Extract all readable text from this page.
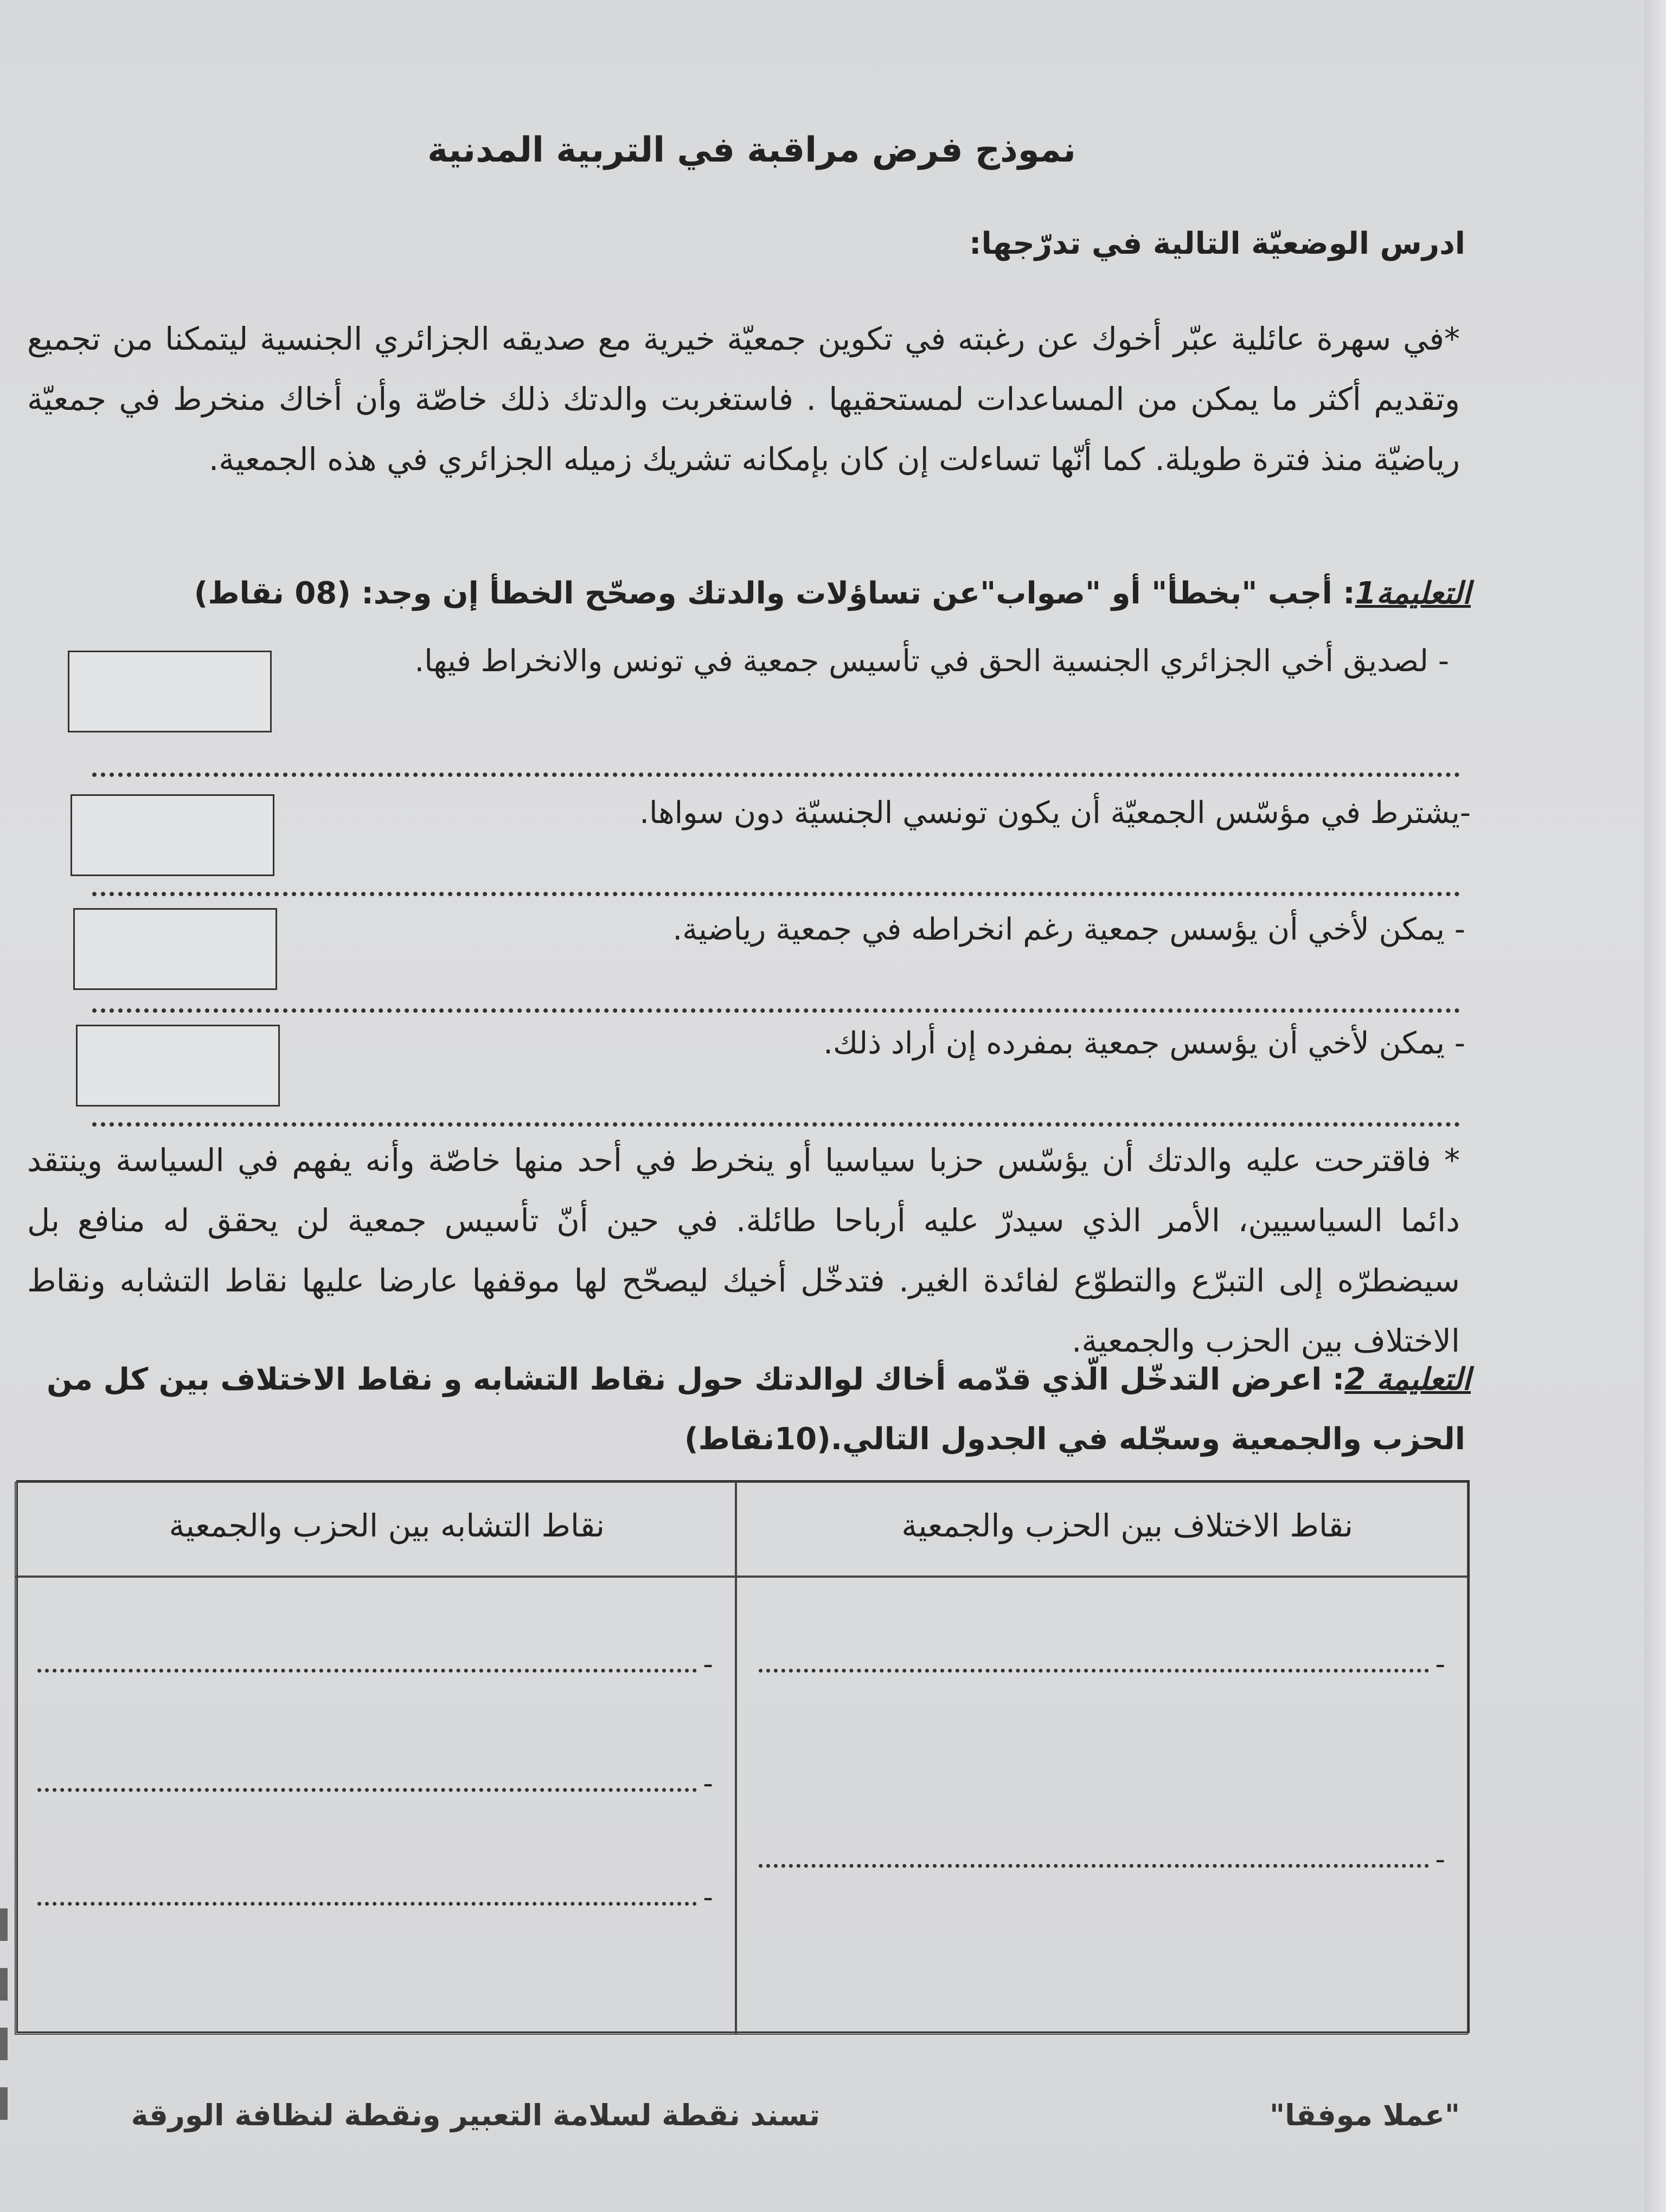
نموذج فرض مراقبة في التربية المدنية
ادرس الوضعيّة التالية في تدرّجها:
*في سهرة عائلية عبّر أخوك عن رغبته في تكوين جمعيّة خيرية مع صديقه الجزائري الجنسية ليتمكنا من تجميع وتقديم أكثر ما يمكن من المساعدات لمستحقيها . فاستغربت والدتك ذلك خاصّة وأن أخاك منخرط في جمعيّة رياضيّة منذ فترة طويلة. كما أنّها تساءلت إن كان بإمكانه تشريك زميله الجزائري في هذه الجمعية.
التعليمة1: أجب "بخطأ" أو "صواب"عن تساؤلات والدتك وصحّح الخطأ إن وجد: (08 نقاط)
- لصديق أخي الجزائري الجنسية الحق في تأسيس جمعية في تونس والانخراط فيها.
-يشترط في مؤسّس الجمعيّة أن يكون تونسي الجنسيّة دون سواها.
- يمكن لأخي أن يؤسس جمعية رغم انخراطه في جمعية رياضية.
- يمكن لأخي أن يؤسس جمعية بمفرده إن أراد ذلك.
* فاقترحت عليه والدتك أن يؤسّس حزبا سياسيا أو ينخرط في أحد منها خاصّة وأنه يفهم في السياسة وينتقد دائما السياسيين، الأمر الذي سيدرّ عليه أرباحا طائلة. في حين أنّ تأسيس جمعية لن يحقق له منافع بل سيضطرّه إلى التبرّع والتطوّع لفائدة الغير. فتدخّل أخيك ليصحّح لها موقفها عارضا عليها نقاط التشابه ونقاط الاختلاف بين الحزب والجمعية.
التعليمة 2: اعرض التدخّل الّذي قدّمه أخاك لوالدتك حول نقاط التشابه و نقاط الاختلاف بين كل من
الحزب والجمعية وسجّله في الجدول التالي.(10نقاط)
نقاط الاختلاف بين الحزب والجمعية
نقاط التشابه بين الحزب والجمعية
-
-
-
-
-
"عملا موفقا"
تسند نقطة لسلامة التعبير ونقطة لنظافة الورقة
